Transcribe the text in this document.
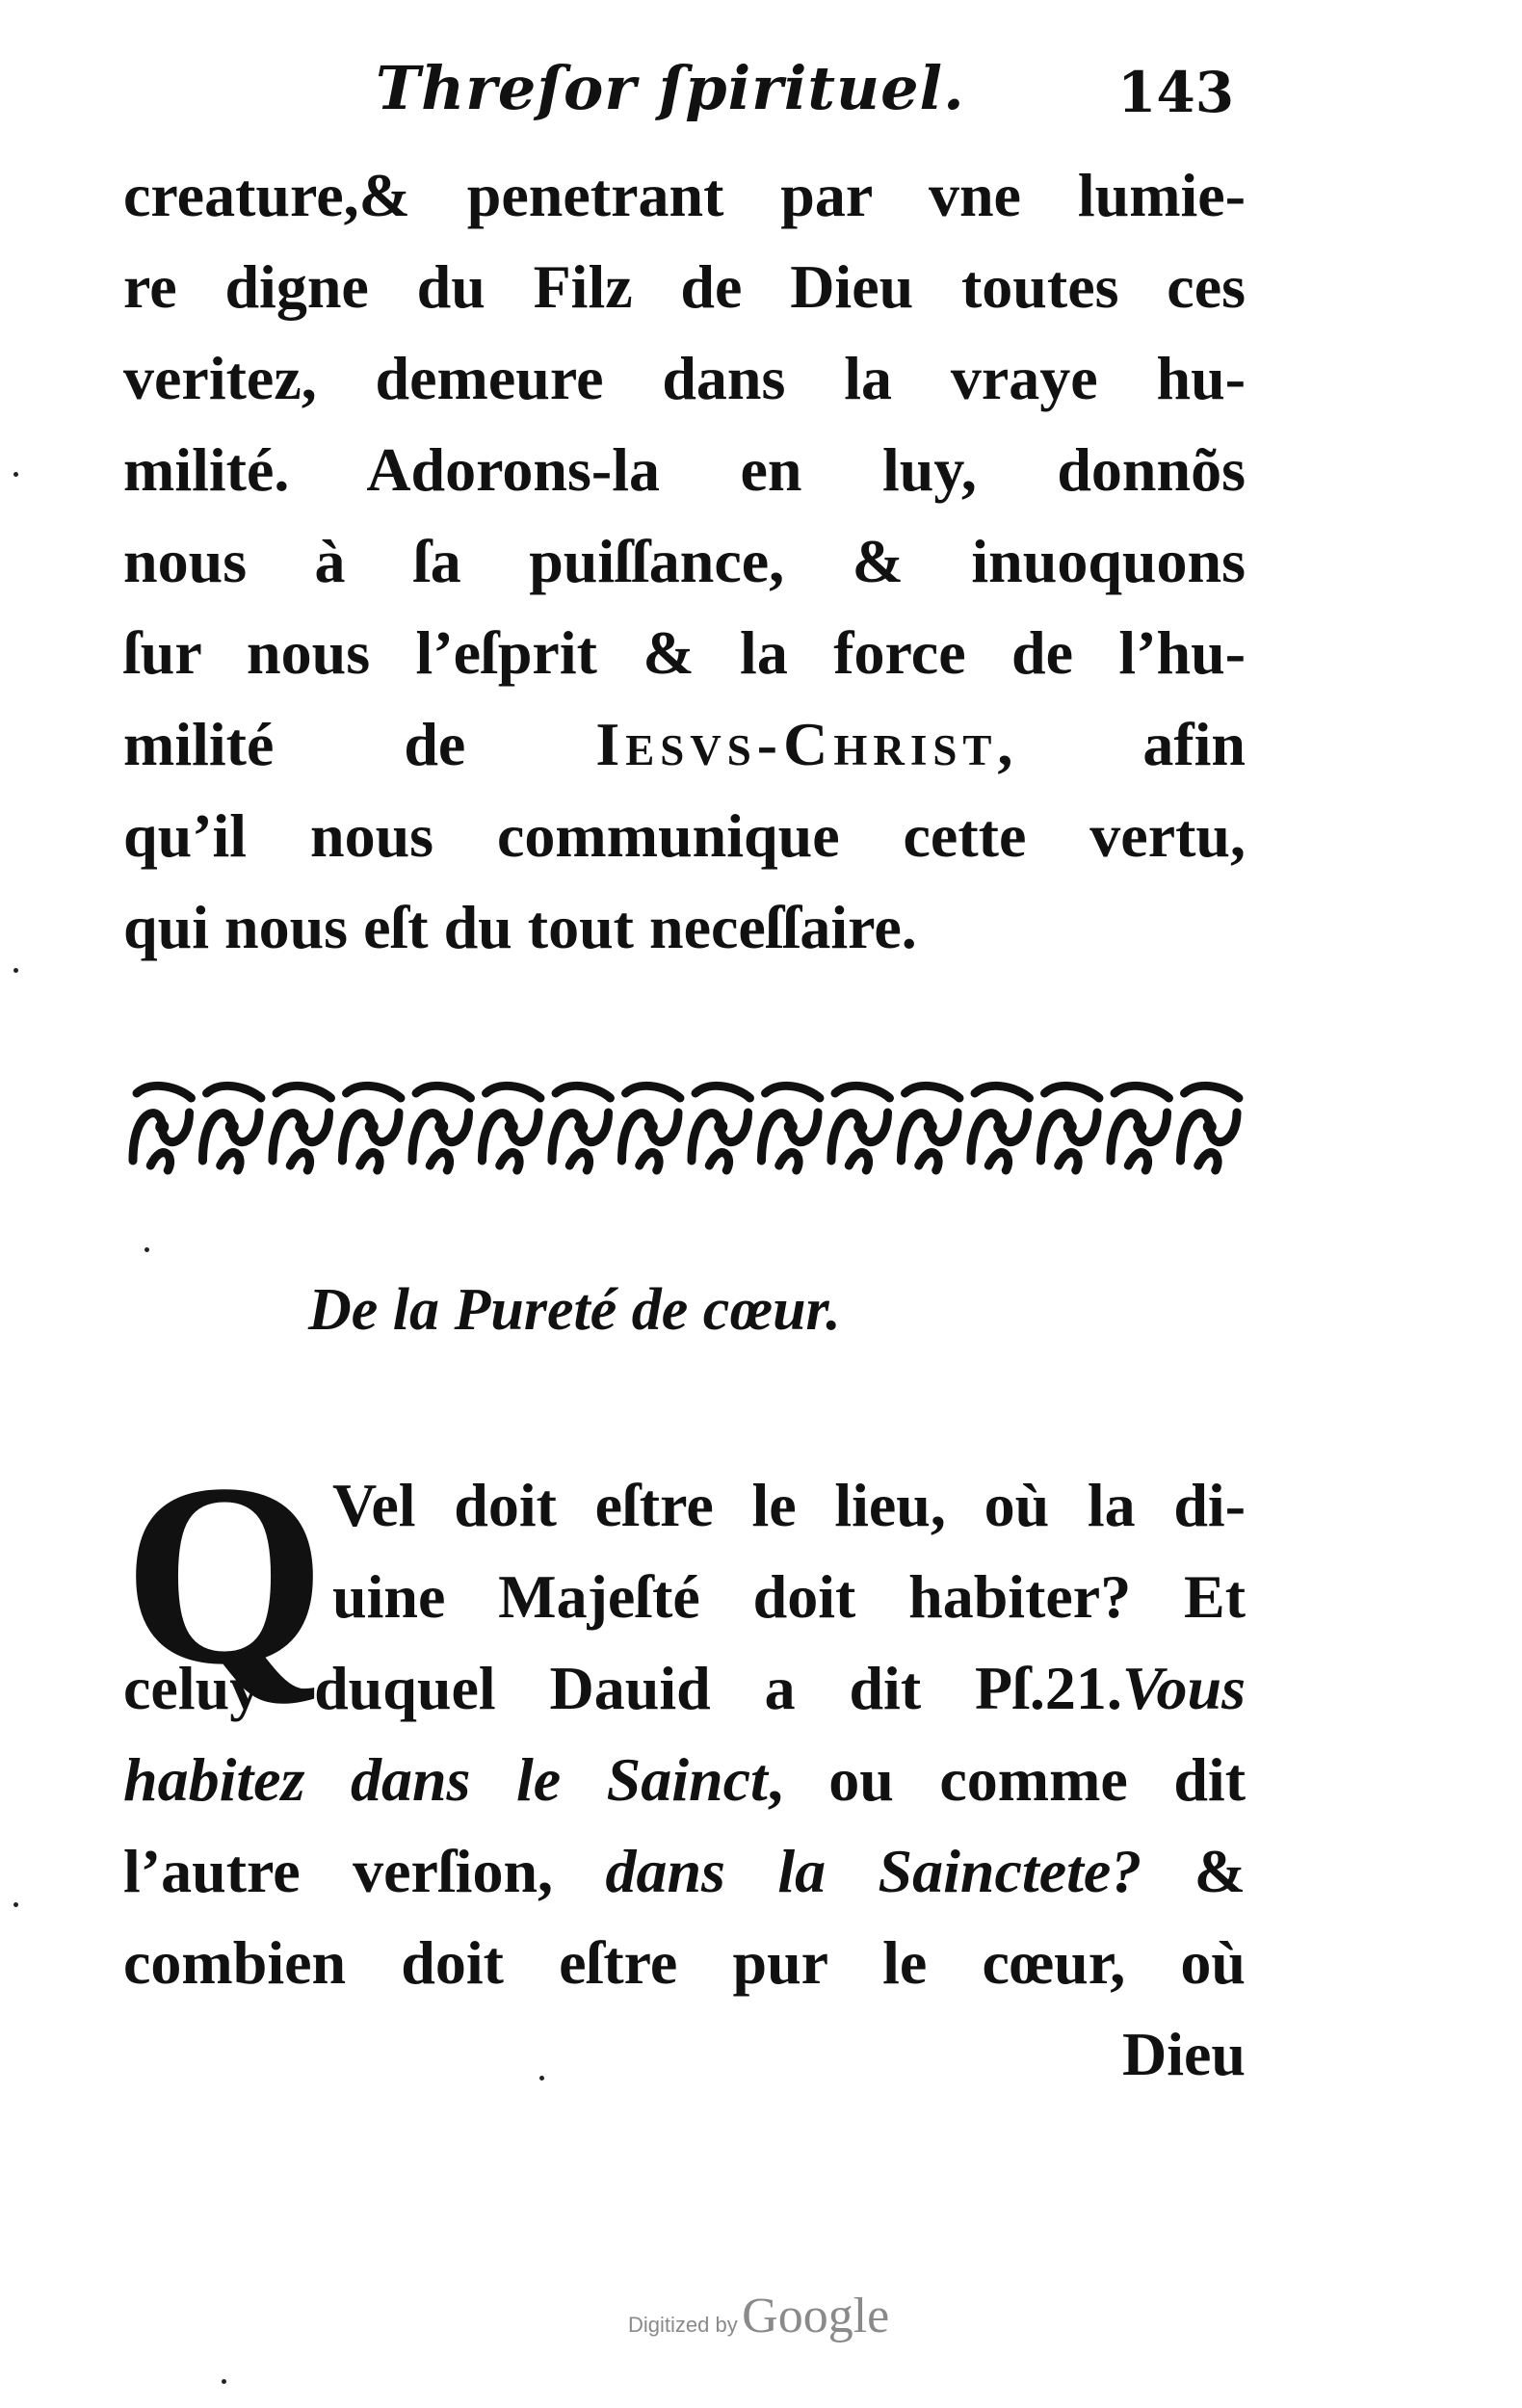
Threſor ſpirituel.	143
creature,& penetrant par vne lumie-
re digne du Filz de Dieu toutes ces
veritez, demeure dans la vraye hu-
milité. Adorons-la en luy, donnõs
nous à ſa puiſſance, & inuoquons
ſur nous l’eſprit & la force de l’hu-
milité de Iesvs-Christ, afin
qu’il nous communique cette vertu,
qui nous eſt du tout neceſſaire.
De la Pureté de cœur.
Q Vel doit eſtre le lieu, où la di-
uine Majeſté doit habiter? Et
celuy duquel Dauid a dit Pſ.21.Vous
habitez dans le Sainct, ou comme dit
l’autre verſion, dans la Sainctete? &
combien doit eſtre pur le cœur, où
Dieu
Digitized by Google
